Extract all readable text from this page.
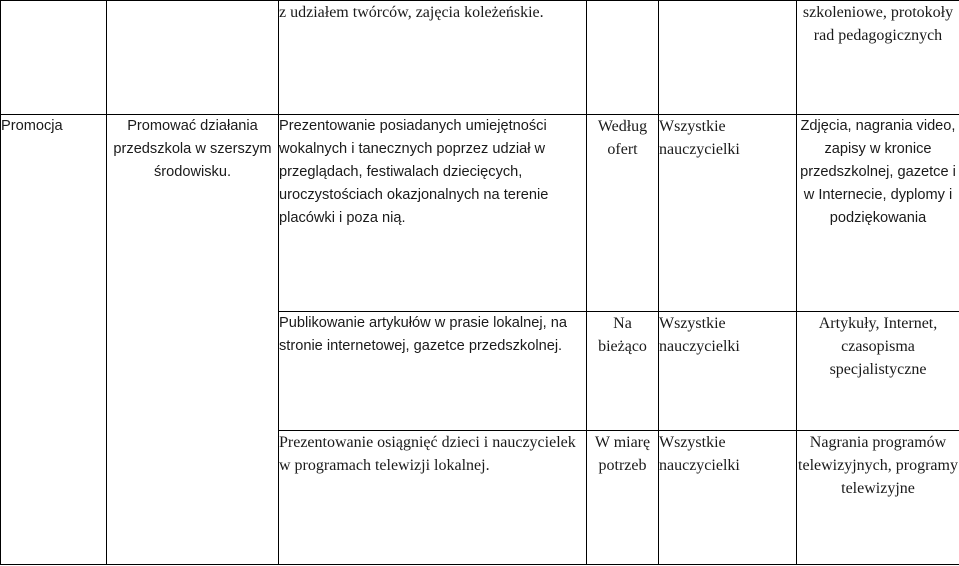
		z udziałem twórców, zajęcia koleżeńskie.			szkoleniowe, protokoły rad pedagogicznych

Promocja	Promować działania przedszkola w szerszym środowisku.	Prezentowanie posiadanych umiejętności wokalnych i tanecznych poprzez udział w przeglądach, festiwalach dziecięcych, uroczystościach okazjonalnych na terenie placówki i poza nią.	Według ofert	Wszystkie nauczycielki	Zdjęcia, nagrania video, zapisy w kronice przedszkolnej, gazetce i w Internecie, dyplomy i podziękowania

		Publikowanie artykułów w prasie lokalnej, na stronie internetowej, gazetce przedszkolnej.	Na bieżąco	Wszystkie nauczycielki	Artykuły, Internet, czasopisma specjalistyczne

		Prezentowanie osiągnięć dzieci i nauczycielek w programach telewizji lokalnej.	W miarę potrzeb	Wszystkie nauczycielki	Nagrania programów telewizyjnych, programy telewizyjne
